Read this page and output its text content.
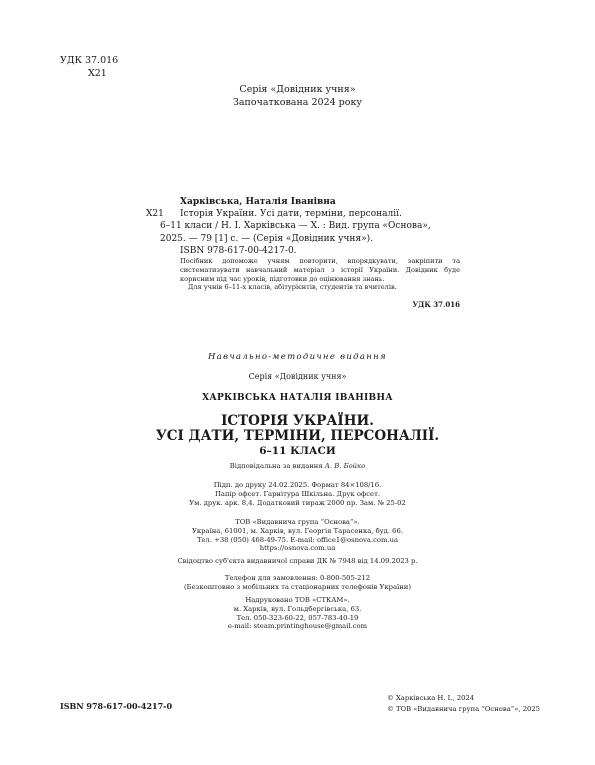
УДК 37.016
Х21
Серія «Довідник учня»
Започаткована 2024 року
Х21
Харківська, Наталія Іванівна
Історія України. Усі дати, терміни, персоналії.
6–11 класи / Н. І. Харківська — Х. : Вид. група «Основа»,
2025. — 79 [1] с. — (Серія «Довідник учня»).
ISBN 978-617-00-4217-0.
Посібник допоможе учням повторити, впорядкувати, закріпити та систематизувати навчальний матеріал з історії України. Довідник буде корисним під час уроків, підготовки до оцінювання знань.
Для учнів 6–11-х класів, абітурієнтів, студентів та вчителів.
УДК 37.016
Навчально-методичне видання
Серія «Довідник учня»
ХАРКІВСЬКА НАТАЛІЯ ІВАНІВНА
ІСТОРІЯ УКРАЇНИ.
УСІ ДАТИ, ТЕРМІНИ, ПЕРСОНАЛІЇ.
6–11 КЛАСИ
Відповідальна за видання А. В. Бойко
Підп. до друку 24.02.2025. Формат 84×108/16.
Папір офсет. Гарнітура Шкільна. Друк офсет.
Ум. друк. арк. 8,4. Додатковий тираж 2000 пр. Зам. № 25-02
ТОВ «Видавнича група “Основа”».
Україна, 61001, м. Харків, вул. Георгія Тарасенка, буд. 66.
Тел. +38 (050) 468-49-75. E-mail: office1@osnova.com.ua
https://osnova.com.ua
Свідоцтво суб'єкта видавничої справи ДК № 7948 від 14.09.2023 р.
Телефон для замовлення: 0-800-505-212
(Безкоштовно з мобільних та стаціонарних телефонів України)
Надруковано ТОВ «СТКАМ».
м. Харків, вул. Гольдбергівська, 63.
Тел. 050-323-60-22, 057-783-40-19
e-mail: steam.printinghouse@gmail.com
ISBN 978-617-00-4217-0
© Харківська Н. І., 2024
© ТОВ «Видавнича група “Основа”», 2025
